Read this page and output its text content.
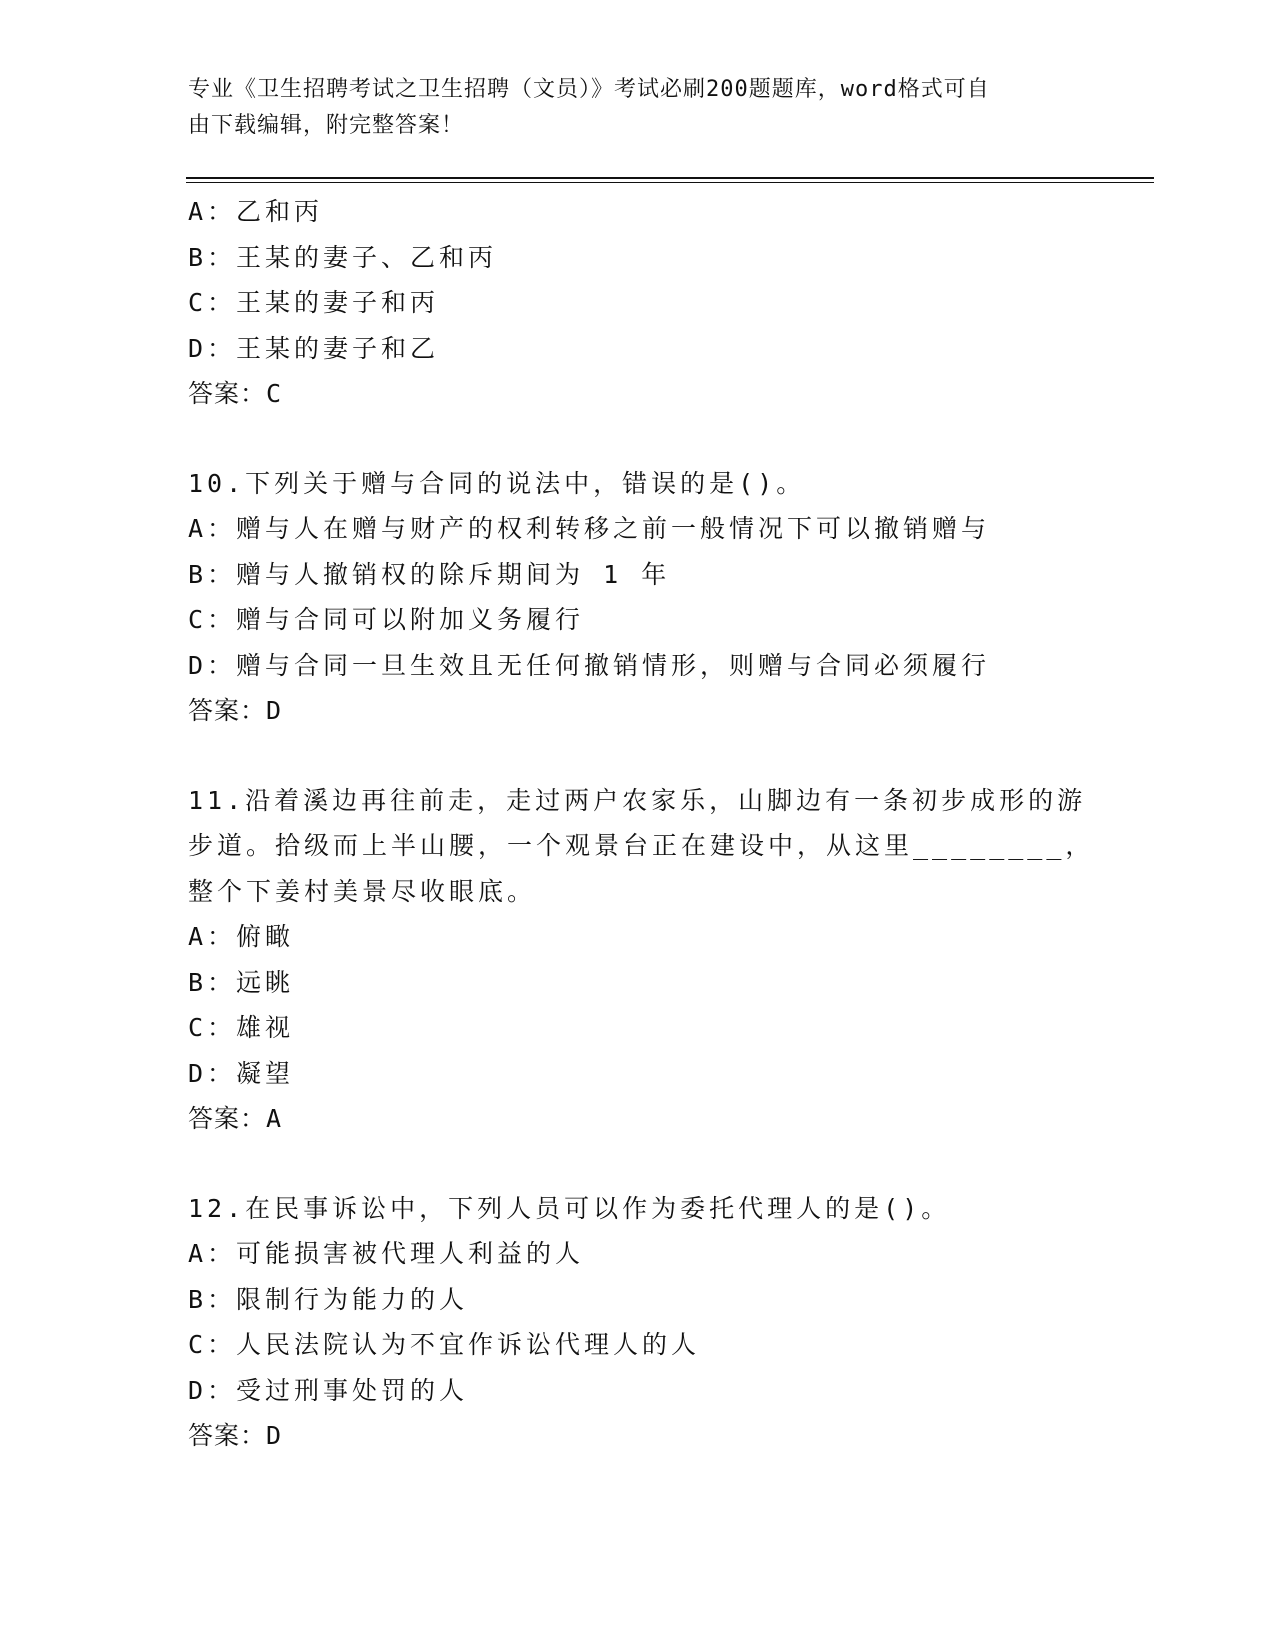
专业《卫生招聘考试之卫生招聘（文员）》考试必刷200题题库，word格式可自
由下载编辑，附完整答案！
A：乙和丙
B：王某的妻子、乙和丙
C：王某的妻子和丙
D：王某的妻子和乙
答案：C
10.下列关于赠与合同的说法中，错误的是()。
A：赠与人在赠与财产的权利转移之前一般情况下可以撤销赠与
B：赠与人撤销权的除斥期间为 1 年
C：赠与合同可以附加义务履行
D：赠与合同一旦生效且无任何撤销情形，则赠与合同必须履行
答案：D
11.沿着溪边再往前走，走过两户农家乐，山脚边有一条初步成形的游
步道。拾级而上半山腰，一个观景台正在建设中，从这里________，
整个下姜村美景尽收眼底。
A：俯瞰
B：远眺
C：雄视
D：凝望
答案：A
12.在民事诉讼中，下列人员可以作为委托代理人的是()。
A：可能损害被代理人利益的人
B：限制行为能力的人
C：人民法院认为不宜作诉讼代理人的人
D：受过刑事处罚的人
答案：D
